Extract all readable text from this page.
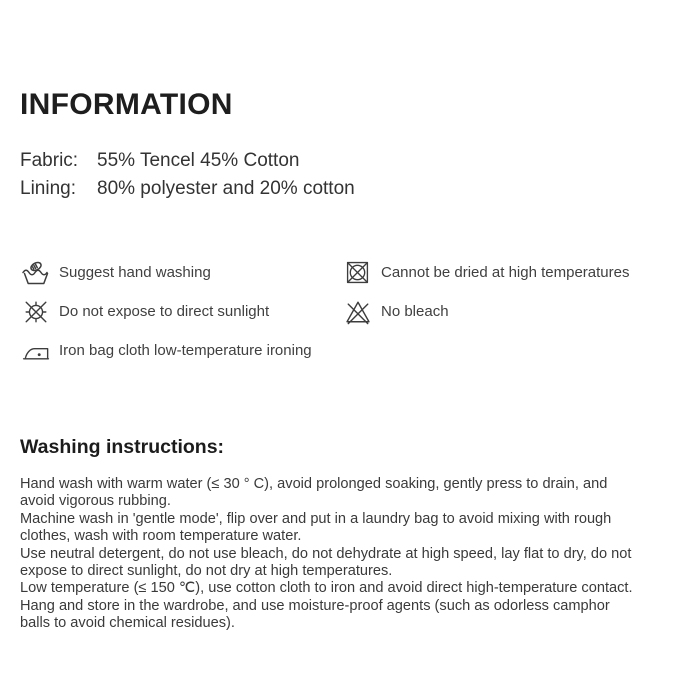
INFORMATION
Fabric: 55% Tencel 45% Cotton
Lining: 80% polyester and 20% cotton
Suggest hand washing	Cannot be dried at high temperatures
Do not expose to direct sunlight	No bleach
Iron bag cloth low-temperature ironing
Washing instructions:

Hand wash with warm water (≤ 30 ° C), avoid prolonged soaking, gently press to drain, and

avoid vigorous rubbing.

Machine wash in 'gentle mode', flip over and put in a laundry bag to avoid mixing with rough

clothes, wash with room temperature water.

Use neutral detergent, do not use bleach, do not dehydrate at high speed, lay flat to dry, do not

expose to direct sunlight, do not dry at high temperatures.

Low temperature (≤ 150 ℃), use cotton cloth to iron and avoid direct high-temperature contact.

Hang and store in the wardrobe, and use moisture-proof agents (such as odorless camphor

balls to avoid chemical residues).
